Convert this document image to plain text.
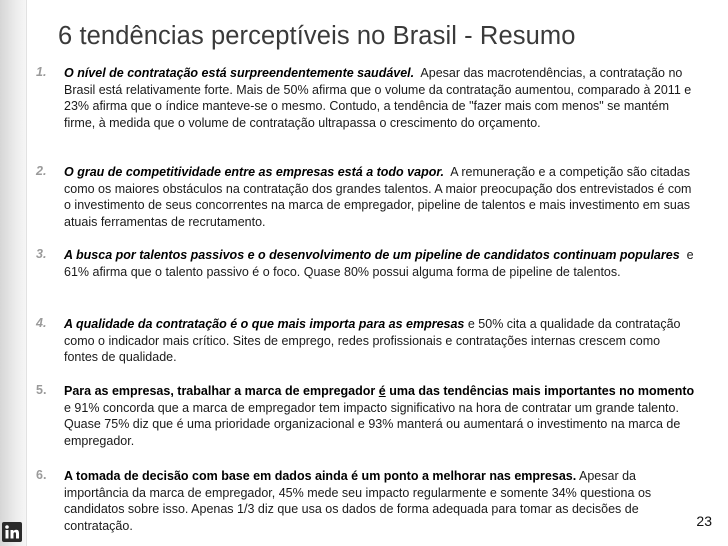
6 tendências perceptíveis no Brasil - Resumo
1.	O nível de contratação está surpreendentemente saudável. Apesar das macrotendências, a contratação no Brasil está relativamente forte. Mais de 50% afirma que o volume da contratação aumentou, comparado à 2011 e 23% afirma que o índice manteve-se o mesmo. Contudo, a tendência de "fazer mais com menos" se mantém firme, à medida que o volume de contratação ultrapassa o crescimento do orçamento.
2.	O grau de competitividade entre as empresas está a todo vapor. A remuneração e a competição são citadas como os maiores obstáculos na contratação dos grandes talentos. A maior preocupação dos entrevistados é com o investimento de seus concorrentes na marca de empregador, pipeline de talentos e mais investimento em suas atuais ferramentas de recrutamento.
3.	A busca por talentos passivos e o desenvolvimento de um pipeline de candidatos continuam populares e 61% afirma que o talento passivo é o foco. Quase 80% possui alguma forma de pipeline de talentos.
4.	A qualidade da contratação é o que mais importa para as empresas e 50% cita a qualidade da contratação como o indicador mais crítico. Sites de emprego, redes profissionais e contratações internas crescem como fontes de qualidade.
5.	Para as empresas, trabalhar a marca de empregador é uma das tendências mais importantes no momento e 91% concorda que a marca de empregador tem impacto significativo na hora de contratar um grande talento. Quase 75% diz que é uma prioridade organizacional e 93% manterá ou aumentará o investimento na marca de empregador.
6.	A tomada de decisão com base em dados ainda é um ponto a melhorar nas empresas. Apesar da importância da marca de empregador, 45% mede seu impacto regularmente e somente 34% questiona os candidatos sobre isso. Apenas 1/3 diz que usa os dados de forma adequada para tomar as decisões de contratação.	23
